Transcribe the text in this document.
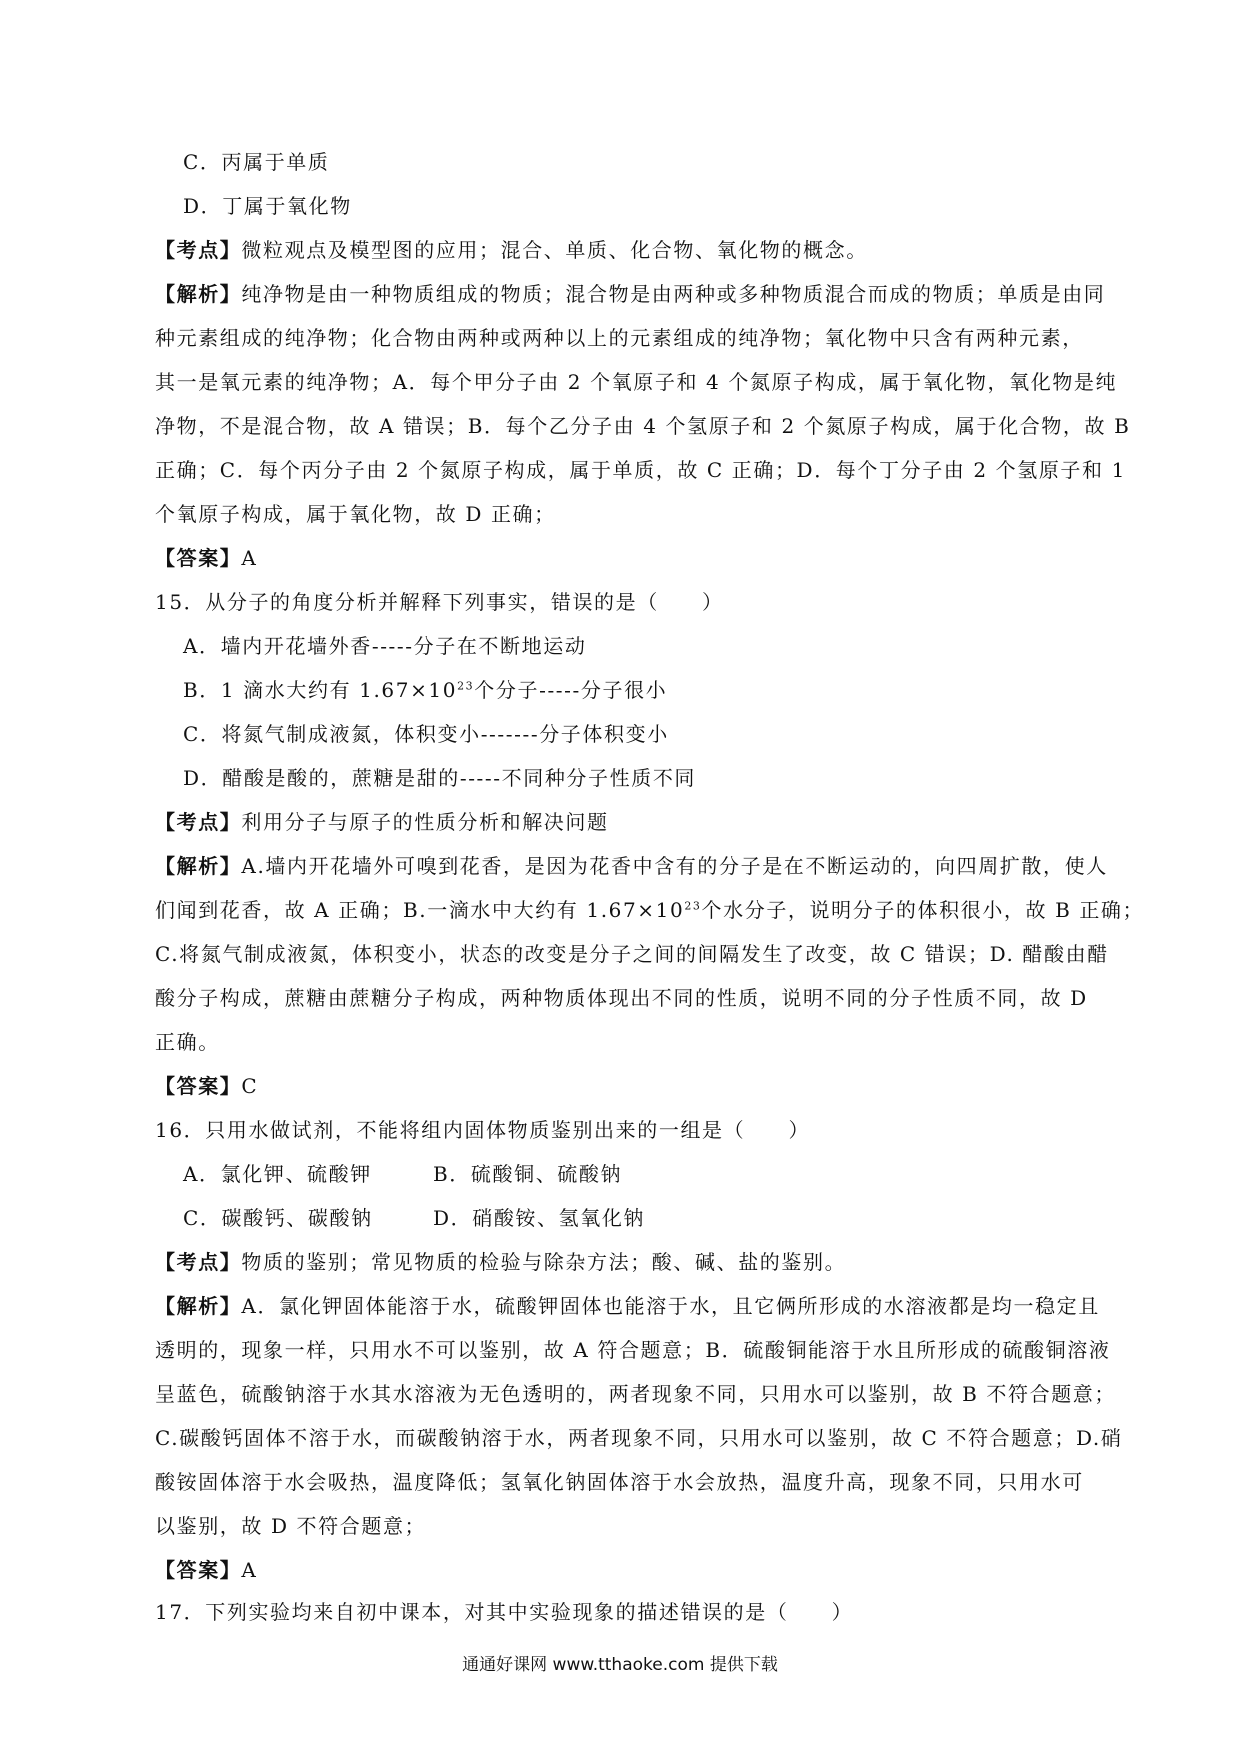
C．丙属于单质
D．丁属于氧化物
【考点】微粒观点及模型图的应用；混合、单质、化合物、氧化物的概念。
【解析】纯净物是由一种物质组成的物质；混合物是由两种或多种物质混合而成的物质；单质是由同
种元素组成的纯净物；化合物由两种或两种以上的元素组成的纯净物；氧化物中只含有两种元素，
其一是氧元素的纯净物；A．每个甲分子由 2 个氧原子和 4 个氮原子构成，属于氧化物，氧化物是纯
净物，不是混合物，故 A 错误；B．每个乙分子由 4 个氢原子和 2 个氮原子构成，属于化合物，故 B
正确；C．每个丙分子由 2 个氮原子构成，属于单质，故 C 正确；D．每个丁分子由 2 个氢原子和 1
个氧原子构成，属于氧化物，故 D 正确；
【答案】A
15．从分子的角度分析并解释下列事实，错误的是（　　）
A．墙内开花墙外香-----分子在不断地运动
B．1 滴水大约有 $1.67\times 10^{23}$个分子-----分子很小
C．将氮气制成液氮，体积变小-------分子体积变小
D．醋酸是酸的，蔗糖是甜的-----不同种分子性质不同
【考点】利用分子与原子的性质分析和解决问题
【解析】A.墙内开花墙外可嗅到花香，是因为花香中含有的分子是在不断运动的，向四周扩散，使人
们闻到花香，故 A 正确；B.一滴水中大约有 $1.67\times 10^{23}$个水分子，说明分子的体积很小，故 B 正确；
C.将氮气制成液氮，体积变小，状态的改变是分子之间的间隔发生了改变，故 C 错误；D. 醋酸由醋
酸分子构成，蔗糖由蔗糖分子构成，两种物质体现出不同的性质，说明不同的分子性质不同，故 D
正确。
【答案】C
16．只用水做试剂，不能将组内固体物质鉴别出来的一组是（　　）
A．氯化钾、硫酸钾	B．硫酸铜、硫酸钠
C．碳酸钙、碳酸钠	D．硝酸铵、氢氧化钠
【考点】物质的鉴别；常见物质的检验与除杂方法；酸、碱、盐的鉴别。
【解析】A．氯化钾固体能溶于水，硫酸钾固体也能溶于水，且它俩所形成的水溶液都是均一稳定且
透明的，现象一样，只用水不可以鉴别，故 A 符合题意；B．硫酸铜能溶于水且所形成的硫酸铜溶液
呈蓝色，硫酸钠溶于水其水溶液为无色透明的，两者现象不同，只用水可以鉴别，故 B 不符合题意；
C.碳酸钙固体不溶于水，而碳酸钠溶于水，两者现象不同，只用水可以鉴别，故 C 不符合题意；D.硝
酸铵固体溶于水会吸热，温度降低；氢氧化钠固体溶于水会放热，温度升高，现象不同，只用水可
以鉴别，故 D 不符合题意；
【答案】A
17．下列实验均来自初中课本，对其中实验现象的描述错误的是（　　）
通通好课网 www.tthaoke.com 提供下载
